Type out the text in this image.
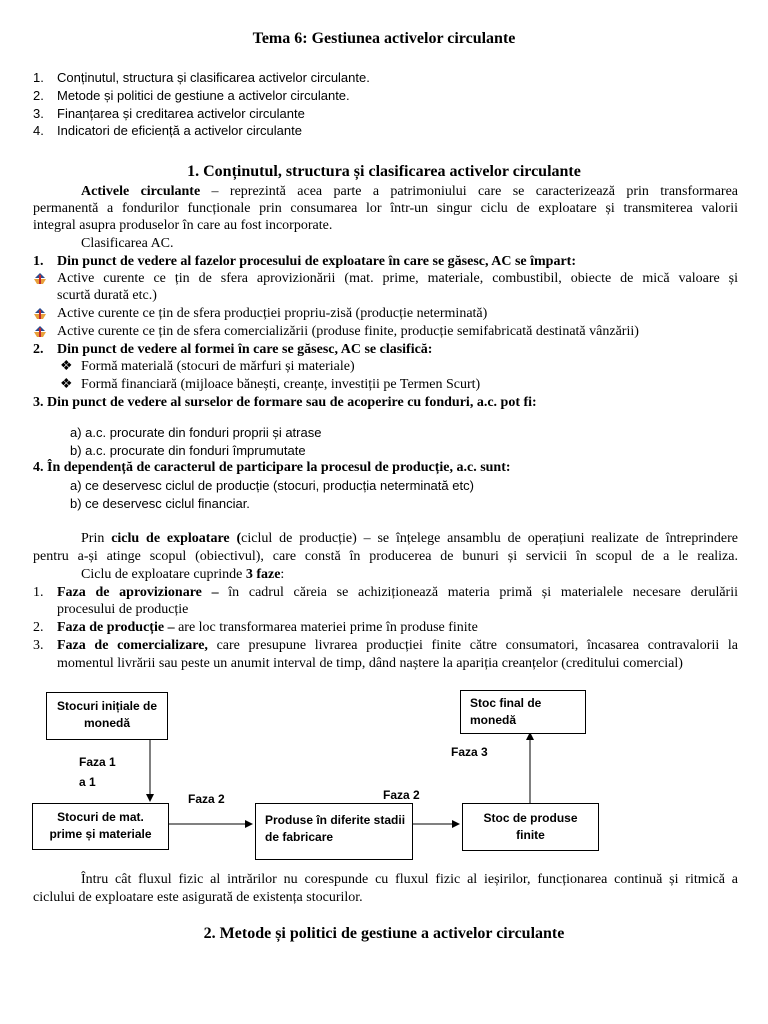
Tema 6: Gestiunea activelor circulante
1. Conținutul, structura și clasificarea activelor circulante.
2. Metode și politici de gestiune a activelor circulante.
3. Finanțarea și creditarea activelor circulante
4. Indicatori de eficiență a activelor circulante
1. Conținutul, structura și clasificarea activelor circulante
Activele circulante – reprezintă acea parte a patrimoniului care se caracterizează prin transformarea
permanentă a fondurilor funcționale prin consumarea lor într-un singur ciclu de exploatare și transmiterea valorii
integral asupra produselor în care au fost incorporate.
Clasificarea AC.
1. Din punct de vedere al fazelor procesului de exploatare în care se găsesc, AC se împart:
Active curente ce țin de sfera aprovizionării (mat. prime, materiale, combustibil, obiecte de mică valoare și
scurtă durată etc.)
Active curente ce țin de sfera producției propriu-zisă (producție neterminată)
Active curente ce țin de sfera comercializării (produse finite, producție semifabricată destinată vânzării)
2. Din punct de vedere al formei în care se găsesc, AC se clasifică:
❖ Formă materială (stocuri de mărfuri și materiale)
❖ Formă financiară (mijloace bănești, creanțe, investiții pe Termen Scurt)
3. Din punct de vedere al surselor de formare sau de acoperire cu fonduri, a.c. pot fi:
a) a.c. procurate din fonduri proprii și atrase
b) a.c. procurate din fonduri împrumutate
4. În dependență de caracterul de participare la procesul de producție, a.c. sunt:
a) ce deservesc ciclul de producție (stocuri, producția neterminată etc)
b) ce deservesc ciclul financiar.
Prin ciclu de exploatare (ciclul de producție) – se înțelege ansamblu de operațiuni realizate de întreprindere
pentru a-și atinge scopul (obiectivul), care constă în producerea de bunuri și servicii în scopul de a le realiza.
Ciclu de exploatare cuprinde 3 faze:
1. Faza de aprovizionare – în cadrul căreia se achiziționează materia primă și materialele necesare derulării
procesului de producție
2. Faza de producție – are loc transformarea materiei prime în produse finite
3. Faza de comercializare, care presupune livrarea producției finite către consumatori, încasarea contravalorii la
momentul livrării sau peste un anumit interval de timp, dând naștere la apariția creanțelor (creditului comercial)
Stocuri inițiale de
monedă
Stocuri de mat.
prime și materiale
Produse în diferite stadii
de fabricare
Stoc de produse
finite
Stoc final de
monedă
Faza 1
a 1
Faza 2	Faza 2
Faza 3
Întru cât fluxul fizic al intrărilor nu corespunde cu fluxul fizic al ieșirilor, funcționarea continuă și ritmică a
ciclului de exploatare este asigurată de existența stocurilor.
2. Metode și politici de gestiune a activelor circulante
